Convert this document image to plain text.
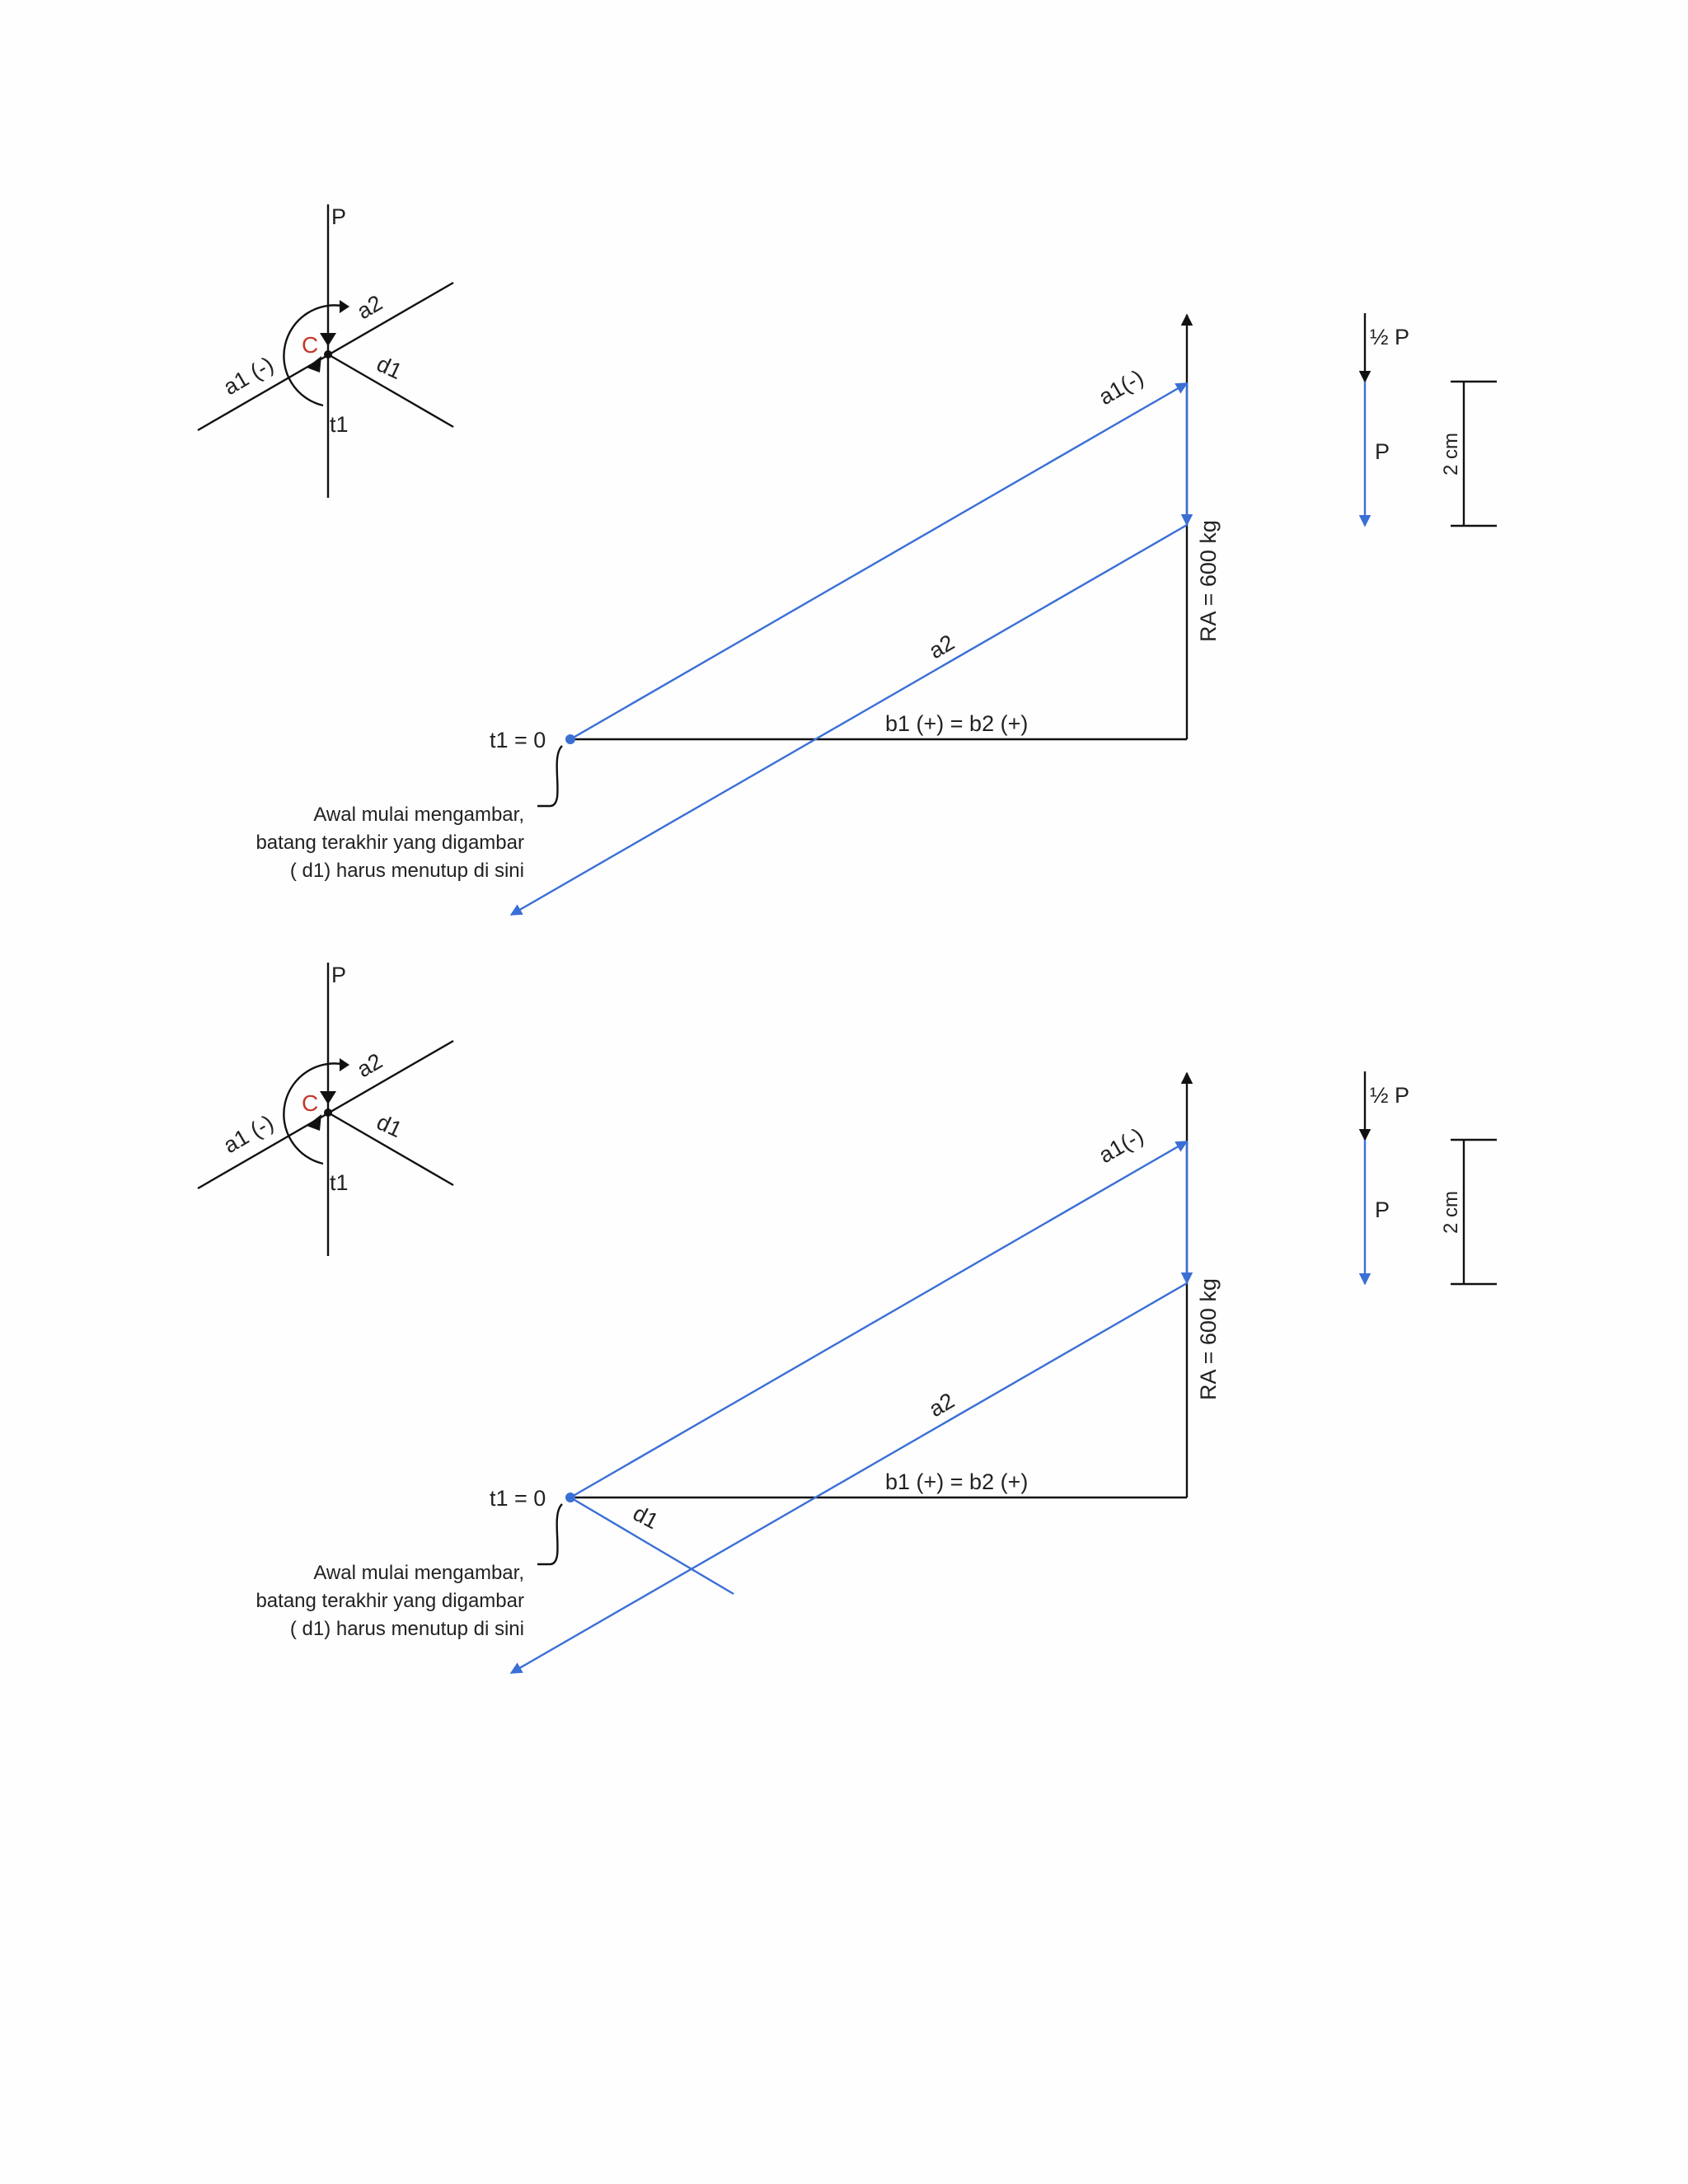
P
a2
d1
a1 (-)
C
t1
a1(-)
RA = 600 kg
a2
b1 (+) = b2 (+)
t1 = 0
Awal mulai mengambar,
batang terakhir yang digambar
( d1) harus menutup di sini
½ P
P	2 cm
P
a2
d1
a1 (-)
C
t1
a1(-)
RA = 600 kg
a2
b1 (+) = b2 (+)
t1 = 0
d1
Awal mulai mengambar,
batang terakhir yang digambar
( d1) harus menutup di sini
½ P
P	2 cm
